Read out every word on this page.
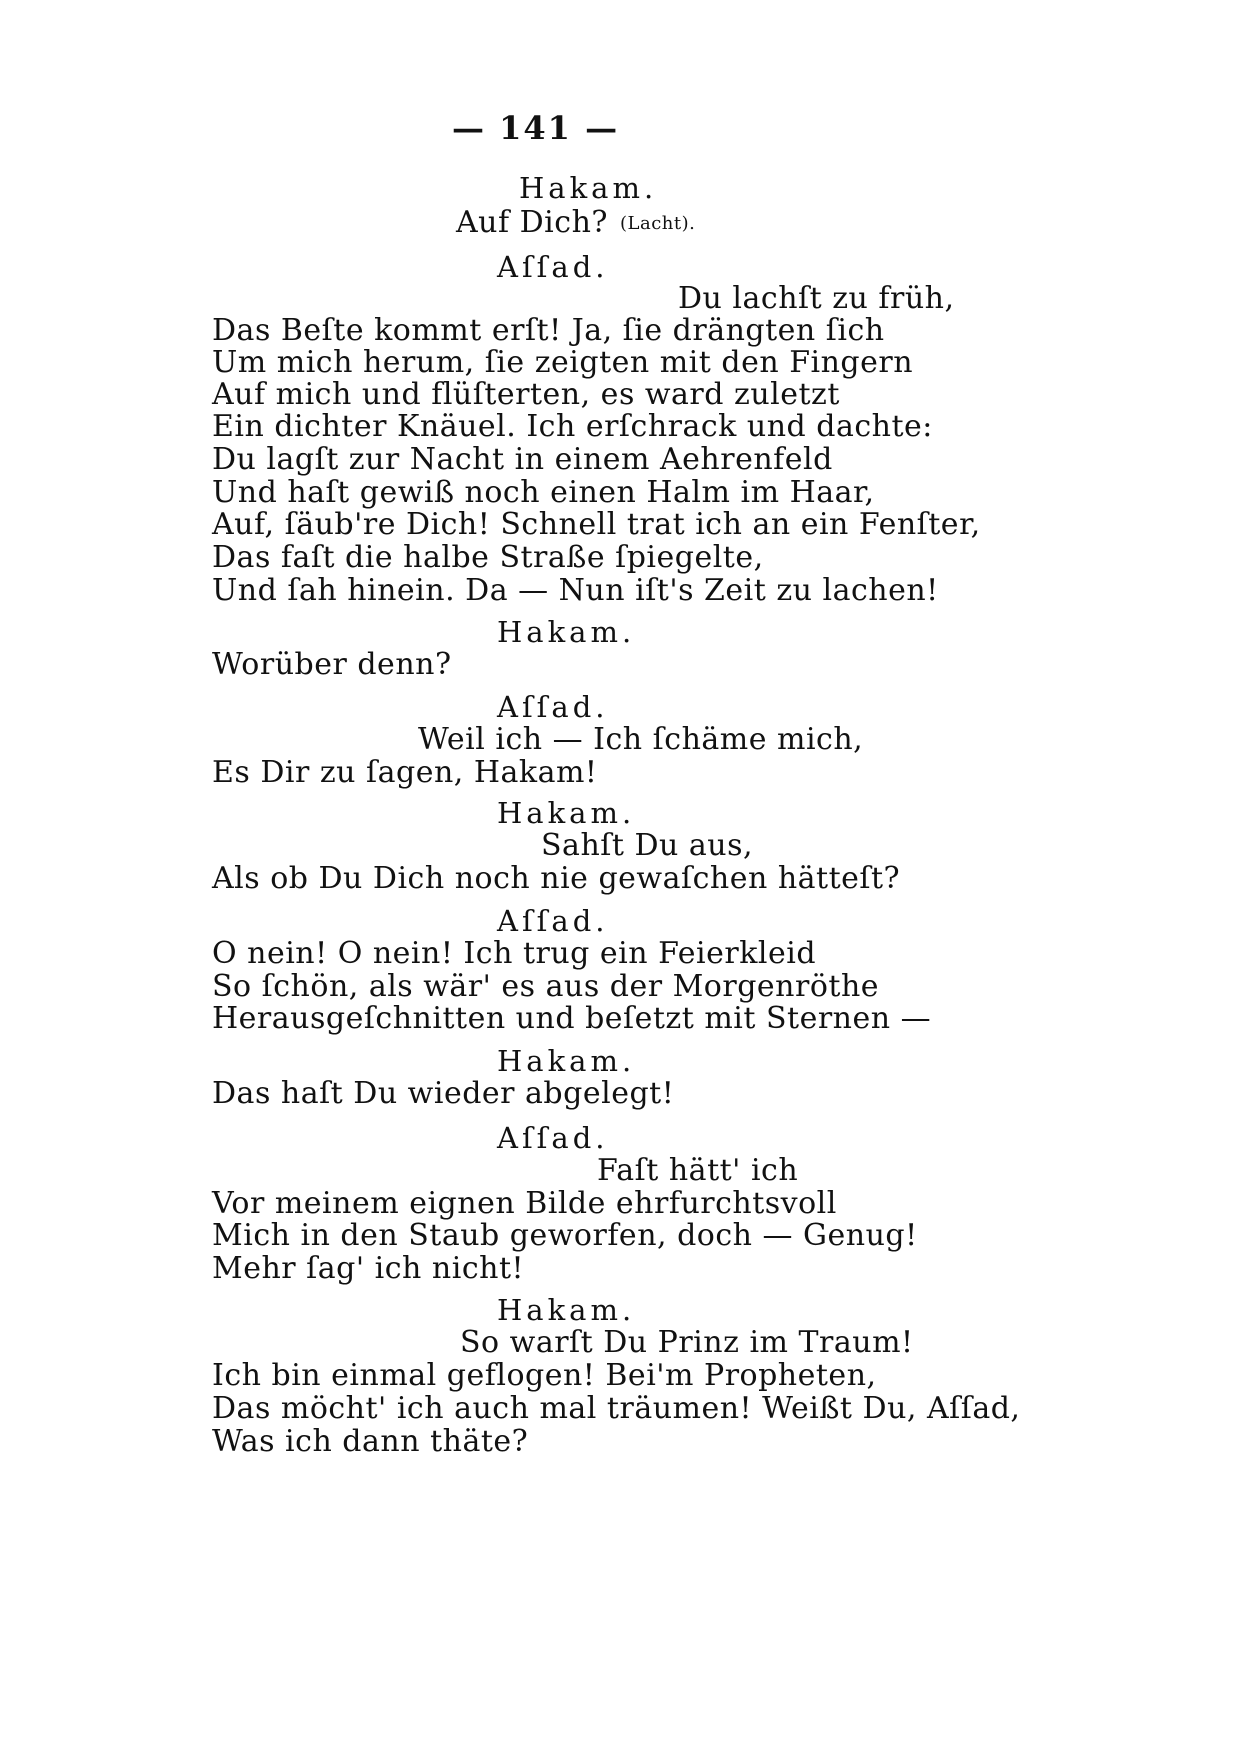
— 141 —
Hakam.
Auf Dich? (Lacht).
Aſſad.
Du lachſt zu früh,
Das Beſte kommt erſt! Ja, ſie drängten ſich
Um mich herum, ſie zeigten mit den Fingern
Auf mich und flüſterten, es ward zuletzt
Ein dichter Knäuel. Ich erſchrack und dachte:
Du lagſt zur Nacht in einem Aehrenfeld
Und haſt gewiß noch einen Halm im Haar,
Auf, ſäub're Dich! Schnell trat ich an ein Fenſter,
Das faſt die halbe Straße ſpiegelte,
Und ſah hinein. Da — Nun iſt's Zeit zu lachen!
Hakam.
Worüber denn?
Aſſad.
Weil ich — Ich ſchäme mich,
Es Dir zu ſagen, Hakam!
Hakam.
Sahſt Du aus,
Als ob Du Dich noch nie gewaſchen hätteſt?
Aſſad.
O nein! O nein! Ich trug ein Feierkleid
So ſchön, als wär' es aus der Morgenröthe
Herausgeſchnitten und beſetzt mit Sternen —
Hakam.
Das haſt Du wieder abgelegt!
Aſſad.
Faſt hätt' ich
Vor meinem eignen Bilde ehrfurchtsvoll
Mich in den Staub geworfen, doch — Genug!
Mehr ſag' ich nicht!
Hakam.
So warſt Du Prinz im Traum!
Ich bin einmal geflogen! Bei'm Propheten,
Das möcht' ich auch mal träumen! Weißt Du, Aſſad,
Was ich dann thäte?
